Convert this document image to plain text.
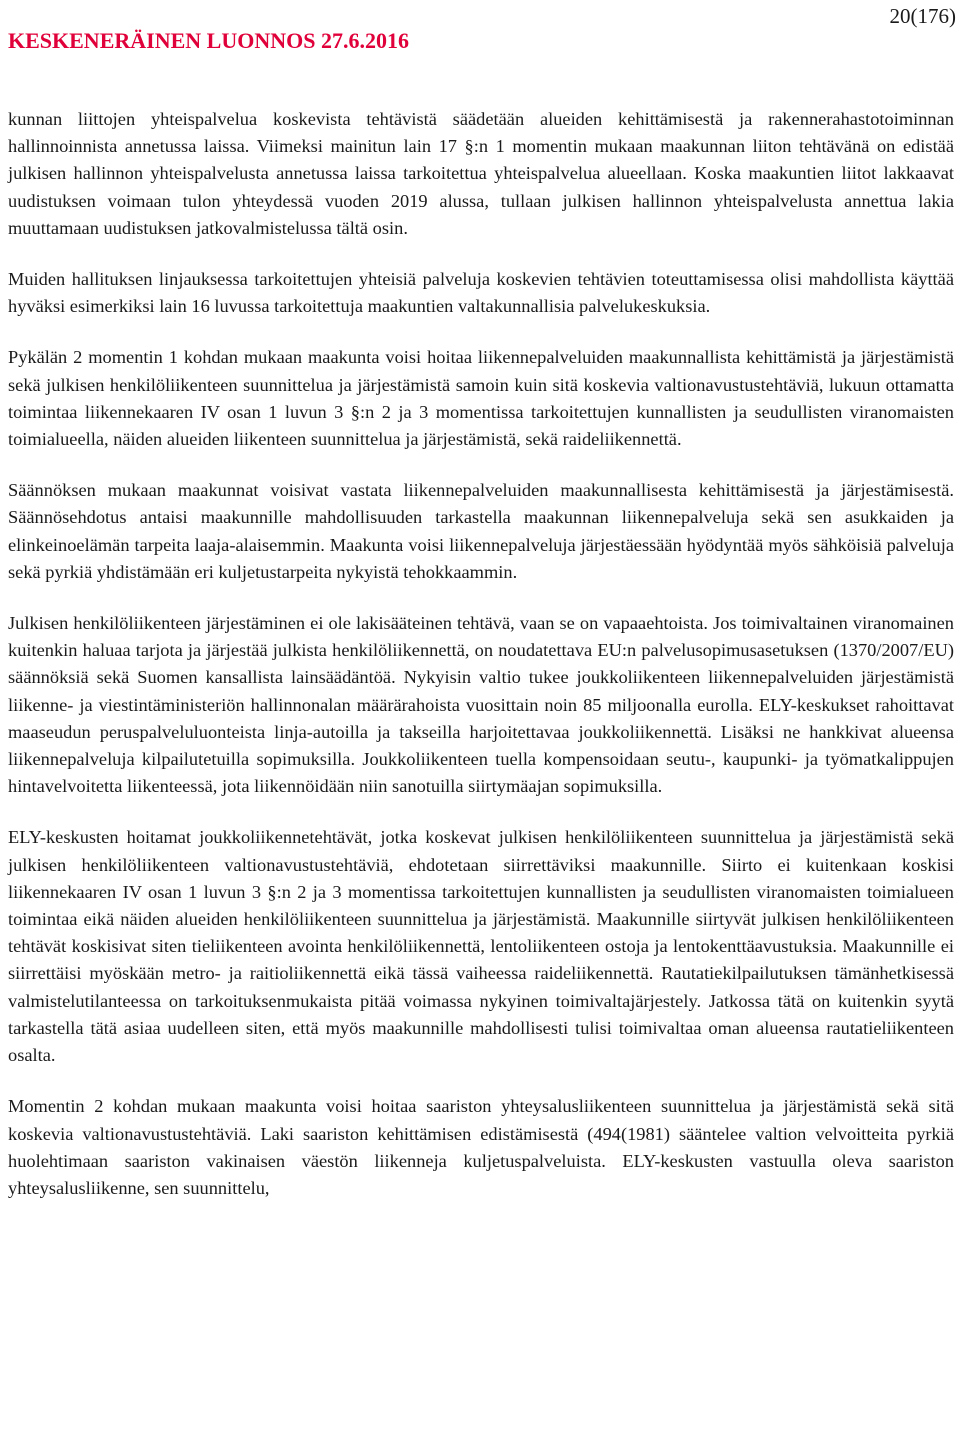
KESKENERÄINEN LUONNOS 27.6.2016
20(176)

kunnan liittojen yhteispalvelua koskevista tehtävistä säädetään alueiden kehittämisestä ja rakennerahastotoiminnan hallinnoinnista annetussa laissa. Viimeksi mainitun lain 17 §:n 1 momentin mukaan maakunnan liiton tehtävänä on edistää julkisen hallinnon yhteispalvelusta annetussa laissa tarkoitettua yhteispalvelua alueellaan. Koska maakuntien liitot lakkaavat uudistuksen voimaan tulon yhteydessä vuoden 2019 alussa, tullaan julkisen hallinnon yhteispalvelusta annettua lakia muuttamaan uudistuksen jatkovalmistelussa tältä osin.

Muiden hallituksen linjauksessa tarkoitettujen yhteisiä palveluja koskevien tehtävien toteuttamisessa olisi mahdollista käyttää hyväksi esimerkiksi lain 16 luvussa tarkoitettuja maakuntien valtakunnallisia palvelukeskuksia.

Pykälän 2 momentin 1 kohdan mukaan maakunta voisi hoitaa liikennepalveluiden maakunnallista kehittämistä ja järjestämistä sekä julkisen henkilöliikenteen suunnittelua ja järjestämistä samoin kuin sitä koskevia valtionavustustehtäviä, lukuun ottamatta toimintaa liikennekaaren IV osan 1 luvun 3 §:n 2 ja 3 momentissa tarkoitettujen kunnallisten ja seudullisten viranomaisten toimialueella, näiden alueiden liikenteen suunnittelua ja järjestämistä, sekä raideliikennettä.

Säännöksen mukaan maakunnat voisivat vastata liikennepalveluiden maakunnallisesta kehittämisestä ja järjestämisestä. Säännösehdotus antaisi maakunnille mahdollisuuden tarkastella maakunnan liikennepalveluja sekä sen asukkaiden ja elinkeinoelämän tarpeita laaja-alaisemmin. Maakunta voisi liikennepalveluja järjestäessään hyödyntää myös sähköisiä palveluja sekä pyrkiä yhdistämään eri kuljetustarpeita nykyistä tehokkaammin.

Julkisen henkilöliikenteen järjestäminen ei ole lakisääteinen tehtävä, vaan se on vapaaehtoista. Jos toimivaltainen viranomainen kuitenkin haluaa tarjota ja järjestää julkista henkilöliikennettä, on noudatettava EU:n palvelusopimusasetuksen (1370/2007/EU) säännöksiä sekä Suomen kansallista lainsäädäntöä. Nykyisin valtio tukee joukkoliikenteen liikennepalveluiden järjestämistä liikenne- ja viestintäministeriön hallinnonalan määrärahoista vuosittain noin 85 miljoonalla eurolla. ELY-keskukset rahoittavat maaseudun peruspalveluluonteista linja-autoilla ja takseilla harjoitettavaa joukkoliikennettä. Lisäksi ne hankkivat alueensa liikennepalveluja kilpailutetuilla sopimuksilla. Joukkoliikenteen tuella kompensoidaan seutu-, kaupunki- ja työmatkalippujen hintavelvoitetta liikenteessä, jota liikennöidään niin sanotuilla siirtymäajan sopimuksilla.

ELY-keskusten hoitamat joukkoliikennetehtävät, jotka koskevat julkisen henkilöliikenteen suunnittelua ja järjestämistä sekä julkisen henkilöliikenteen valtionavustustehtäviä, ehdotetaan siirrettäviksi maakunnille. Siirto ei kuitenkaan koskisi liikennekaaren IV osan 1 luvun 3 §:n 2 ja 3 momentissa tarkoitettujen kunnallisten ja seudullisten viranomaisten toimialueen toimintaa eikä näiden alueiden henkilöliikenteen suunnittelua ja järjestämistä. Maakunnille siirtyvät julkisen henkilöliikenteen tehtävät koskisivat siten tieliikenteen avointa henkilöliikennettä, lentoliikenteen ostoja ja lentokenttäavustuksia. Maakunnille ei siirrettäisi myöskään metro- ja raitioliikennettä eikä tässä vaiheessa raideliikennettä. Rautatiekilpailutuksen tämänhetkisessä valmistelutilanteessa on tarkoituksenmukaista pitää voimassa nykyinen toimivaltajärjestely. Jatkossa tätä on kuitenkin syytä tarkastella tätä asiaa uudelleen siten, että myös maakunnille mahdollisesti tulisi toimivaltaa oman alueensa rautatieliikenteen osalta.

Momentin 2 kohdan mukaan maakunta voisi hoitaa saariston yhteysalusliikenteen suunnittelua ja järjestämistä sekä sitä koskevia valtionavustustehtäviä. Laki saariston kehittämisen edistämisestä (494(1981) sääntelee valtion velvoitteita pyrkiä huolehtimaan saariston vakinaisen väestön liikenneja kuljetuspalveluista. ELY-keskusten vastuulla oleva saariston yhteysalusliikenne, sen suunnittelu,
